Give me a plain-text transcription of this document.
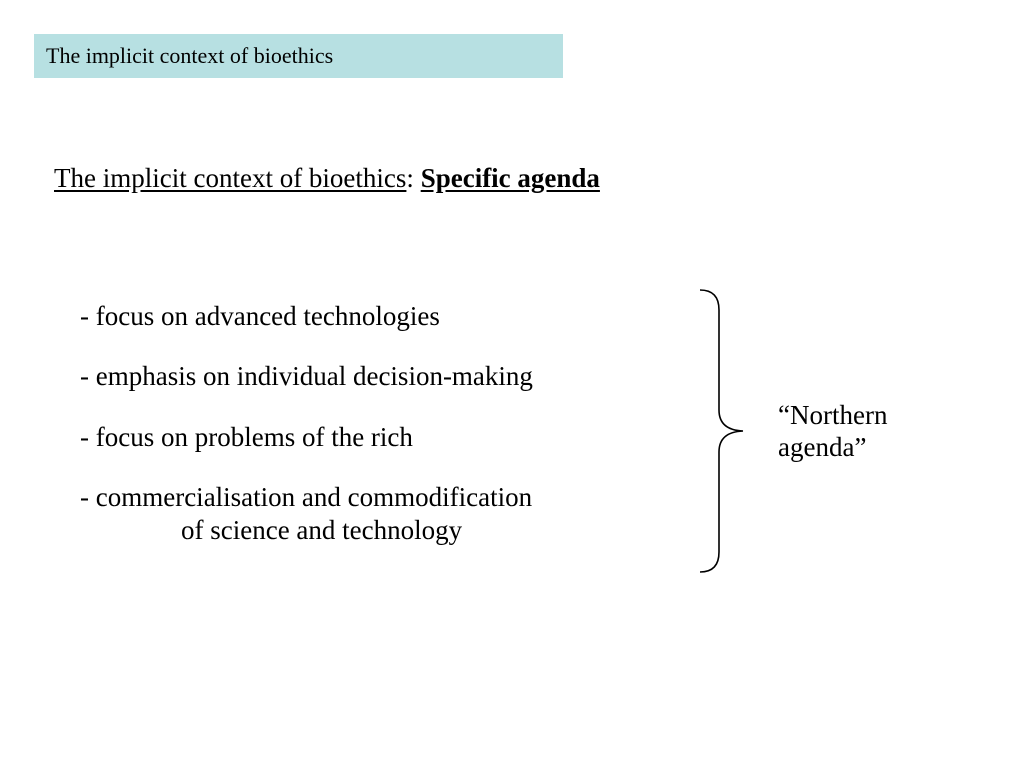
The implicit context of bioethics
The implicit context of bioethics: Specific agenda
- focus on advanced technologies
- emphasis on individual decision-making
- focus on problems of the rich
- commercialisation and commodification
of science and technology
“Northern
agenda”
